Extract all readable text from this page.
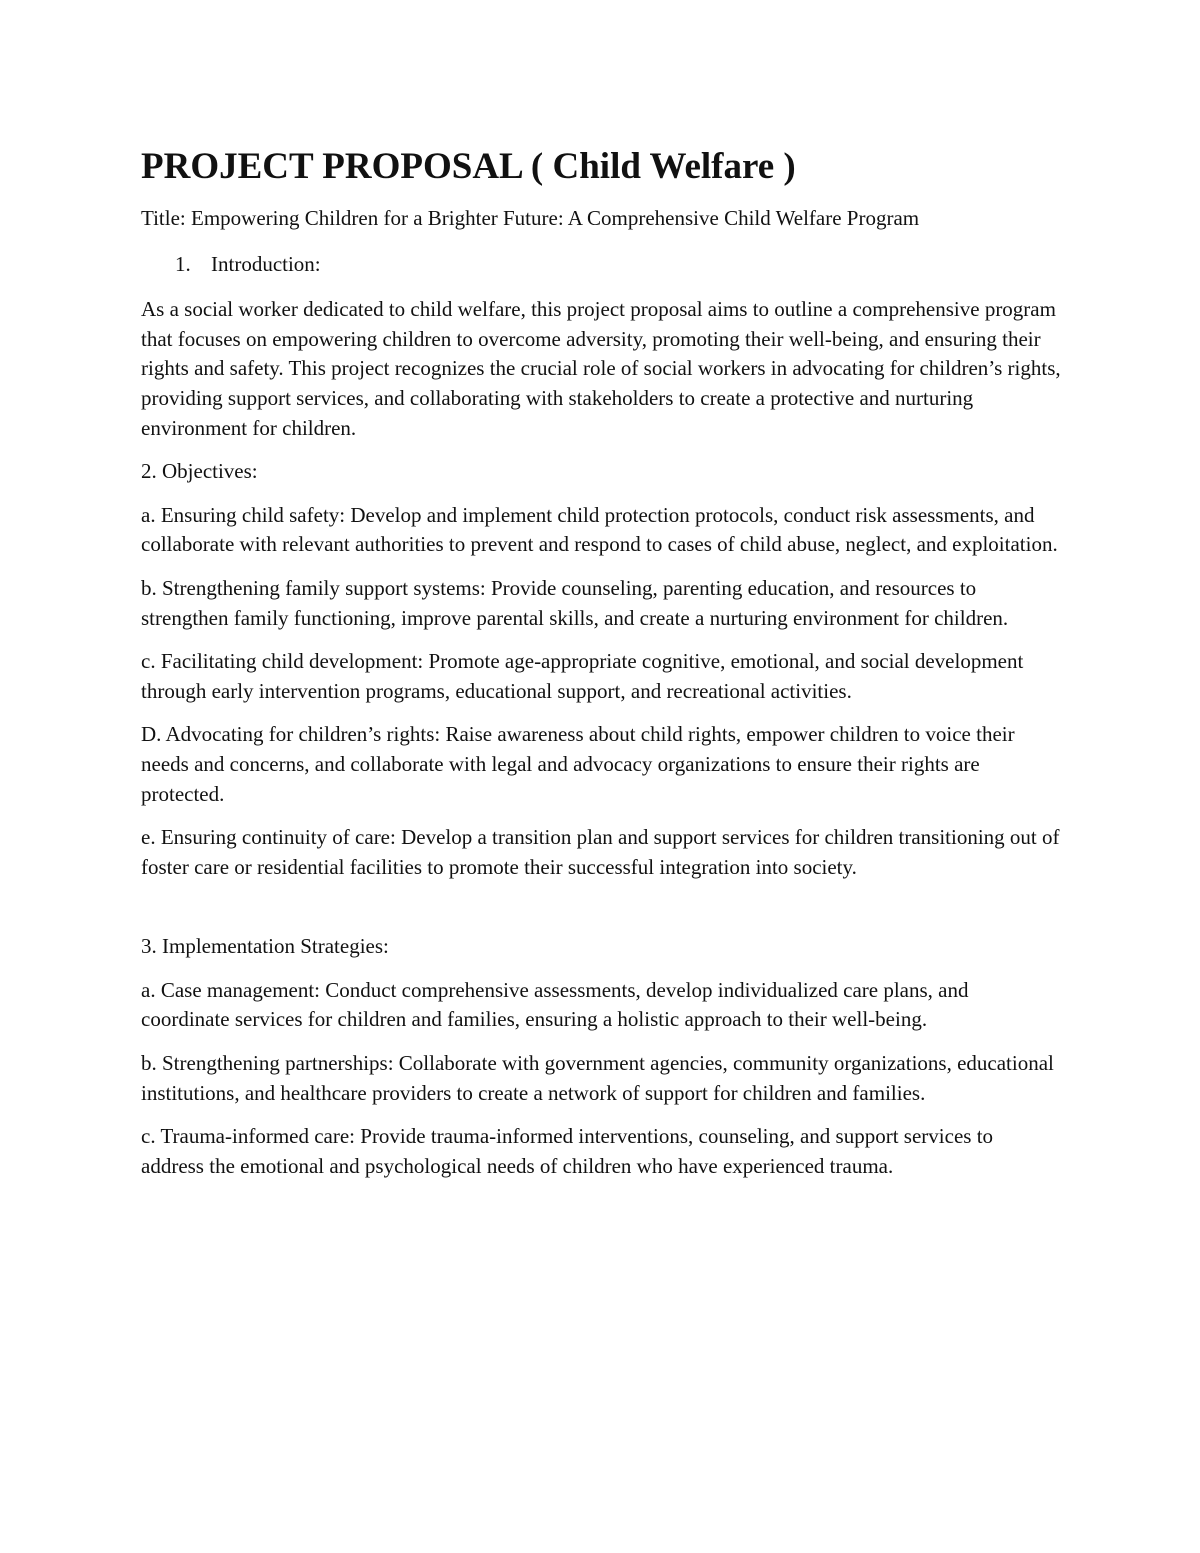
PROJECT PROPOSAL ( Child Welfare )

Title: Empowering Children for a Brighter Future: A Comprehensive Child Welfare Program

1. Introduction:

As a social worker dedicated to child welfare, this project proposal aims to outline a comprehensive program that focuses on empowering children to overcome adversity, promoting their well-being, and ensuring their rights and safety. This project recognizes the crucial role of social workers in advocating for children’s rights, providing support services, and collaborating with stakeholders to create a protective and nurturing environment for children.

2. Objectives:

a. Ensuring child safety: Develop and implement child protection protocols, conduct risk assessments, and collaborate with relevant authorities to prevent and respond to cases of child abuse, neglect, and exploitation.

b. Strengthening family support systems: Provide counseling, parenting education, and resources to strengthen family functioning, improve parental skills, and create a nurturing environment for children.

c. Facilitating child development: Promote age-appropriate cognitive, emotional, and social development through early intervention programs, educational support, and recreational activities.

D. Advocating for children’s rights: Raise awareness about child rights, empower children to voice their needs and concerns, and collaborate with legal and advocacy organizations to ensure their rights are protected.

e. Ensuring continuity of care: Develop a transition plan and support services for children transitioning out of foster care or residential facilities to promote their successful integration into society.

3. Implementation Strategies:

a. Case management: Conduct comprehensive assessments, develop individualized care plans, and coordinate services for children and families, ensuring a holistic approach to their well-being.

b. Strengthening partnerships: Collaborate with government agencies, community organizations, educational institutions, and healthcare providers to create a network of support for children and families.

c. Trauma-informed care: Provide trauma-informed interventions, counseling, and support services to address the emotional and psychological needs of children who have experienced trauma.
